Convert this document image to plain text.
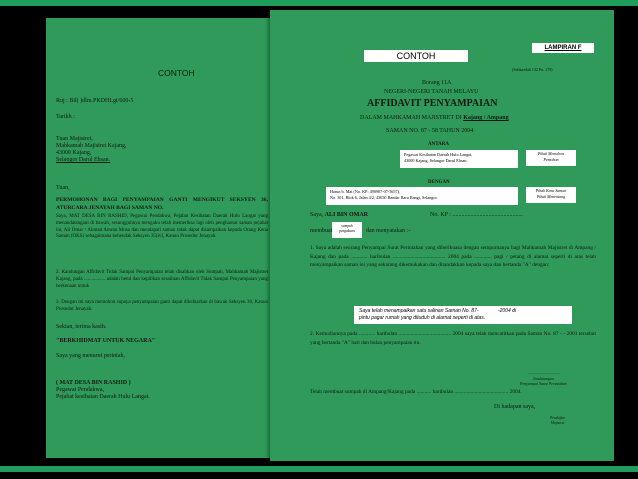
CONTOH
Ruj : Bil( )dlm.PKDHLgt/600-5
Tarikh :
Tuan Majistret,
Mahkamah Majistret Kajang,
43000 Kajang,
Selangor Darul Ehsan.
Tuan,
PERMOHONAN BAGI PENYAMPAIAN GANTI MENGIKUT SEKSYEN 36, ATURCARA JENAYAH BAGI SAMAN NO.
Saya, MAT DESA BIN RASHID, Pegawai Pendakwa, Pejabat Kesihatan Daerah Hulu Langat yang menandatangani di bawah, sesungguhnya mengaku telah memeriksa lagi oleh penghantar saman pejabat ini, Ali Omar / Ahmad Amran Musa dan mendapati saman tidak dapat disampaikan kepada Orang Kena Saman (OKS) sebagaimana kehendak Seksyen 35(iv), Kanun Prosedur Jenayah.
2. Kandungan Affidavit Tidak Sampai Penyampaian telah disahkan oleh Sumpah, Mahkamah Majistret Kajang, pada ................. adalah betul dan kepilikan sesalinan Affidavit Tidak Sampai Penyampaian yang berkenaan untuk
3. Dengan ini saya memohon supaya penyampaian ganti dapat dikeluarkan di bawah Seksyen 36, Kanun Prosedur Jenayah.
Sekian, terima kasih.
"BERKHIDMAT UNTUK NEGARA"
Saya yang menurut perintah,
( MAT DESA BIN RASHID )
Pegawai Pendakwa,
Pejabat kesihatan Daerah Hulu Langat.
CONTOH
LAMPIRAN F
(Subkaedah 132 Pn. 179)
Borang 11A
NEGERI-NEGERI TANAH MELAYU
AFFIDAVIT PENYAMPAIAN
DALAM MAHKAMAH MAJISTRET DI Kajang / Ampang
SAMAN NO. 87 - 58 TAHUN 2004
ANTARA
Pegawai Kesihatan Daerah Hulu Langat,
43000 Kajang, Selangor Darul Ehsan.
Pihak Memohon
Pemohon
DENGAN
Harun b. Mat (No. KP: 490907-07-5657),
No. 301, Blok 6, Jalan 4/2, 43650 Bandar Baru Bangi, Selangor.
Pihak Kena Saman
Pihak Menentang
Saya, ALI BIN OMAR	No. KP : ...............................................
membuat
sumpah
pengakuan	dan menyatakan :-
1. Saya adalah seorang Penyampai Surat Perintahan yang diberikuasa dengan sempurnanya bagi Mahkamah Majistret di Ampang / Kajang dan pada ............ haribulan ....................................... 2004 pada ............. pagi / petang di alamat seperti di atas telah menyampaikan saman ini yang sekarang dikemukakan dan ditandakkan kepada saya dan bertanda "A" dengan:
Saya telah menampalkan satu salinan Saman No. 87-              -2004 di
pintu pagar rumah yang dituduh di alamat seperti di atas.
2. Kemudiannya pada ............ haribulan ....................................... 2004 saya telah mencatitkan pada Saman No. 87 - - 2001 tersebut yang bertanda "A" hari dan bulan penyampaian itu.
................................
Tandatangan
Penyampai Surat Perintahan
Telah membuat sumpah di Ampang/Kajang pada ........... haribulan ........................................ 2004.
Di hadapan saya,
Pendaftar
Majistret
